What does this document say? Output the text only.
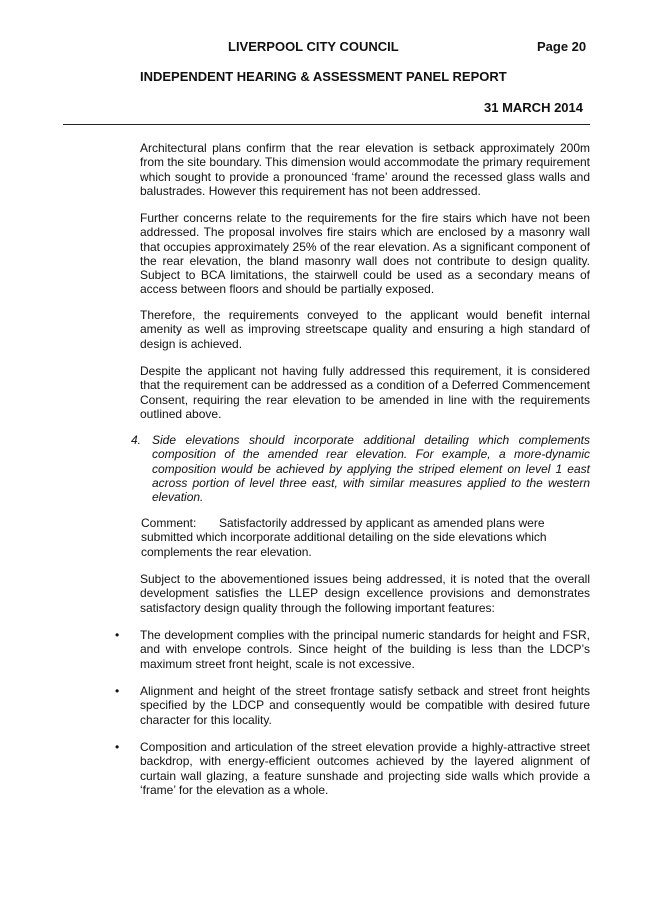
LIVERPOOL CITY COUNCIL	Page 20
INDEPENDENT HEARING & ASSESSMENT PANEL REPORT
31 MARCH 2014

Architectural plans confirm that the rear elevation is setback approximately 200m from the site boundary. This dimension would accommodate the primary requirement which sought to provide a pronounced ‘frame’ around the recessed glass walls and balustrades. However this requirement has not been addressed.

Further concerns relate to the requirements for the fire stairs which have not been addressed. The proposal involves fire stairs which are enclosed by a masonry wall that occupies approximately 25% of the rear elevation. As a significant component of the rear elevation, the bland masonry wall does not contribute to design quality. Subject to BCA limitations, the stairwell could be used as a secondary means of access between floors and should be partially exposed.

Therefore, the requirements conveyed to the applicant would benefit internal amenity as well as improving streetscape quality and ensuring a high standard of design is achieved.

Despite the applicant not having fully addressed this requirement, it is considered that the requirement can be addressed as a condition of a Deferred Commencement Consent, requiring the rear elevation to be amended in line with the requirements outlined above.

4. Side elevations should incorporate additional detailing which complements composition of the amended rear elevation. For example, a more-dynamic composition would be achieved by applying the striped element on level 1 east across portion of level three east, with similar measures applied to the western elevation.
Comment: Satisfactorily addressed by applicant as amended plans were
submitted which incorporate additional detailing on the side elevations which
complements the rear elevation.

Subject to the abovementioned issues being addressed, it is noted that the overall development satisfies the LLEP design excellence provisions and demonstrates satisfactory design quality through the following important features:

• The development complies with the principal numeric standards for height and FSR, and with envelope controls. Since height of the building is less than the LDCP’s maximum street front height, scale is not excessive.
• Alignment and height of the street frontage satisfy setback and street front heights specified by the LDCP and consequently would be compatible with desired future character for this locality.
• Composition and articulation of the street elevation provide a highly-attractive street backdrop, with energy-efficient outcomes achieved by the layered alignment of curtain wall glazing, a feature sunshade and projecting side walls which provide a ‘frame’ for the elevation as a whole.
